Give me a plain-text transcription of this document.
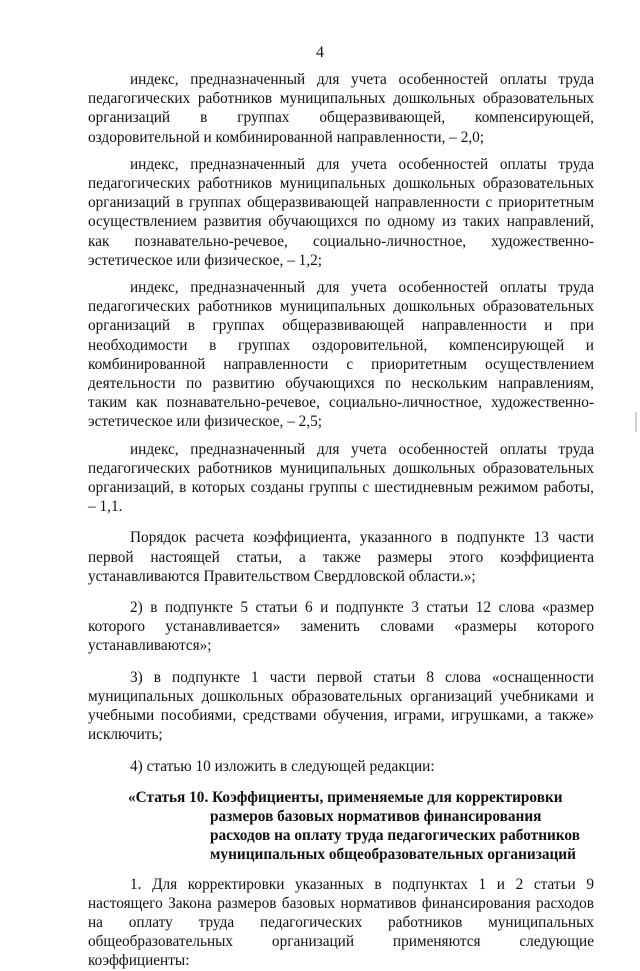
4

индекс, предназначенный для учета особенностей оплаты труда педагогических работников муниципальных дошкольных образовательных организаций в группах общеразвивающей, компенсирующей, оздоровительной и комбинированной направленности, – 2,0;

индекс, предназначенный для учета особенностей оплаты труда педагогических работников муниципальных дошкольных образовательных организаций в группах общеразвивающей направленности с приоритетным осуществлением развития обучающихся по одному из таких направлений, как познавательно-речевое, социально-личностное, художественно-эстетическое или физическое, – 1,2;

индекс, предназначенный для учета особенностей оплаты труда педагогических работников муниципальных дошкольных образовательных организаций в группах общеразвивающей направленности и при необходимости в группах оздоровительной, компенсирующей и комбинированной направленности с приоритетным осуществлением деятельности по развитию обучающихся по нескольким направлениям, таким как познавательно-речевое, социально-личностное, художественно-эстетическое или физическое, – 2,5;

индекс, предназначенный для учета особенностей оплаты труда педагогических работников муниципальных дошкольных образовательных организаций, в которых созданы группы с шестидневным режимом работы, – 1,1.

Порядок расчета коэффициента, указанного в подпункте 13 части первой настоящей статьи, а также размеры этого коэффициента устанавливаются Правительством Свердловской области.»;

2) в подпункте 5 статьи 6 и подпункте 3 статьи 12 слова «размер которого устанавливается» заменить словами «размеры которого устанавливаются»;

3) в подпункте 1 части первой статьи 8 слова «оснащенности муниципальных дошкольных образовательных организаций учебниками и учебными пособиями, средствами обучения, играми, игрушками, а также» исключить;

4) статью 10 изложить в следующей редакции:

«Статья 10. Коэффициенты, применяемые для корректировки
размеров базовых нормативов финансирования
расходов на оплату труда педагогических работников
муниципальных общеобразовательных организаций

1. Для корректировки указанных в подпунктах 1 и 2 статьи 9 настоящего Закона размеров базовых нормативов финансирования расходов на оплату труда педагогических работников муниципальных общеобразовательных организаций применяются следующие коэффициенты:
